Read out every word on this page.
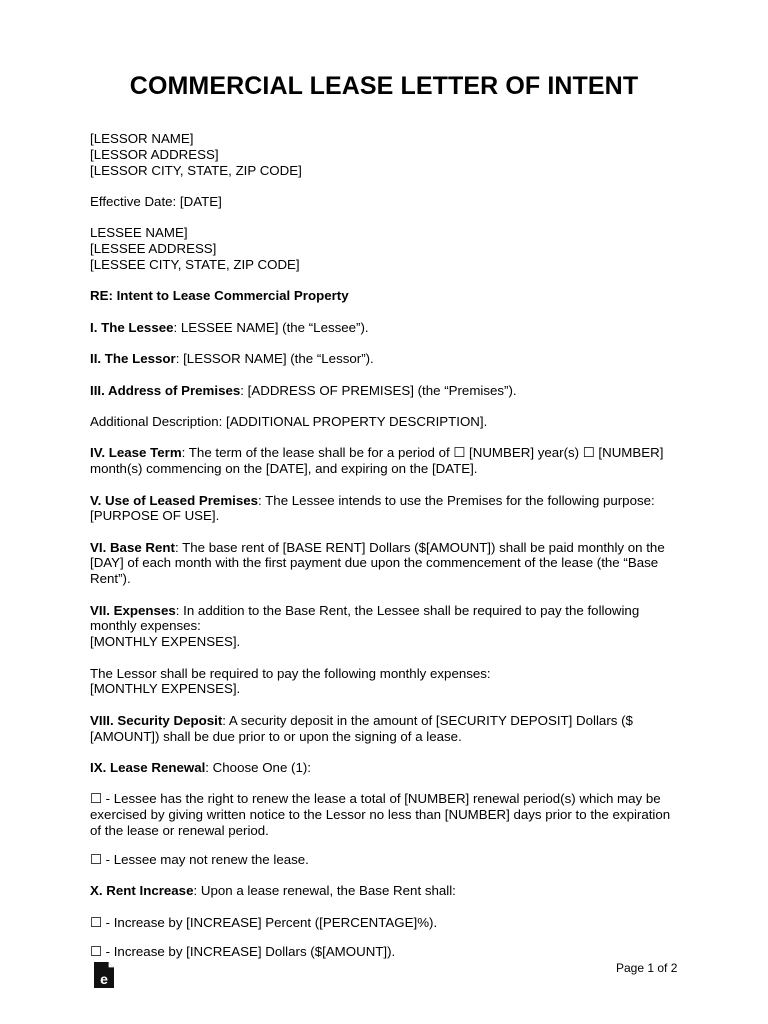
COMMERCIAL LEASE LETTER OF INTENT
[LESSOR NAME]
[LESSOR ADDRESS]
[LESSOR CITY, STATE, ZIP CODE]
Effective Date: [DATE]
LESSEE NAME]
[LESSEE ADDRESS]
[LESSEE CITY, STATE, ZIP CODE]
RE: Intent to Lease Commercial Property
I. The Lessee: LESSEE NAME] (the “Lessee”).
II. The Lessor: [LESSOR NAME] (the “Lessor”).
III. Address of Premises: [ADDRESS OF PREMISES] (the “Premises”).
Additional Description: [ADDITIONAL PROPERTY DESCRIPTION].
IV. Lease Term: The term of the lease shall be for a period of ☐ [NUMBER] year(s) ☐ [NUMBER]
month(s) commencing on the [DATE], and expiring on the [DATE].
V. Use of Leased Premises: The Lessee intends to use the Premises for the following purpose:
[PURPOSE OF USE].
VI. Base Rent: The base rent of [BASE RENT] Dollars ($[AMOUNT]) shall be paid monthly on the
[DAY] of each month with the first payment due upon the commencement of the lease (the “Base
Rent”).
VII. Expenses: In addition to the Base Rent, the Lessee shall be required to pay the following
monthly expenses:
[MONTHLY EXPENSES].
The Lessor shall be required to pay the following monthly expenses:
[MONTHLY EXPENSES].
VIII. Security Deposit: A security deposit in the amount of [SECURITY DEPOSIT] Dollars ($
[AMOUNT]) shall be due prior to or upon the signing of a lease.
IX. Lease Renewal: Choose One (1):
☐ - Lessee has the right to renew the lease a total of [NUMBER] renewal period(s) which may be
exercised by giving written notice to the Lessor no less than [NUMBER] days prior to the expiration
of the lease or renewal period.
☐ - Lessee may not renew the lease.
X. Rent Increase: Upon a lease renewal, the Base Rent shall:
☐ - Increase by [INCREASE] Percent ([PERCENTAGE]%).
☐ - Increase by [INCREASE] Dollars ($[AMOUNT]).
e
Page 1 of 2
